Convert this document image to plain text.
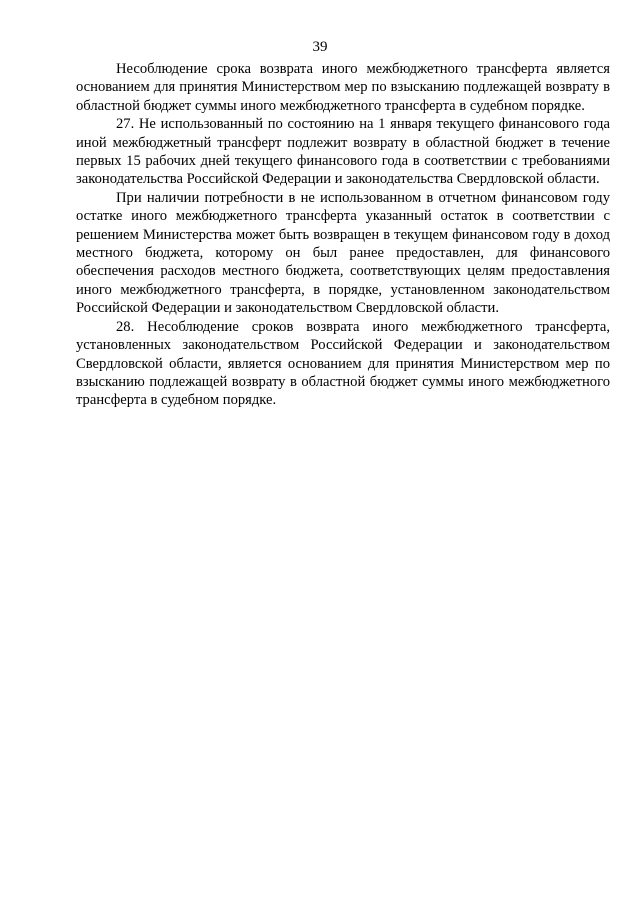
39

Несоблюдение срока возврата иного межбюджетного трансферта является основанием для принятия Министерством мер по взысканию подлежащей возврату в областной бюджет суммы иного межбюджетного трансферта в судебном порядке.

27. Не использованный по состоянию на 1 января текущего финансового года иной межбюджетный трансферт подлежит возврату в областной бюджет в течение первых 15 рабочих дней текущего финансового года в соответствии с требованиями законодательства Российской Федерации и законодательства Свердловской области.

При наличии потребности в не использованном в отчетном финансовом году остатке иного межбюджетного трансферта указанный остаток в соответствии с решением Министерства может быть возвращен в текущем финансовом году в доход местного бюджета, которому он был ранее предоставлен, для финансового обеспечения расходов местного бюджета, соответствующих целям предоставления иного межбюджетного трансферта, в порядке, установленном законодательством Российской Федерации и законодательством Свердловской области.

28. Несоблюдение сроков возврата иного межбюджетного трансферта, установленных законодательством Российской Федерации и законодательством Свердловской области, является основанием для принятия Министерством мер по взысканию подлежащей возврату в областной бюджет суммы иного межбюджетного трансферта в судебном порядке.
